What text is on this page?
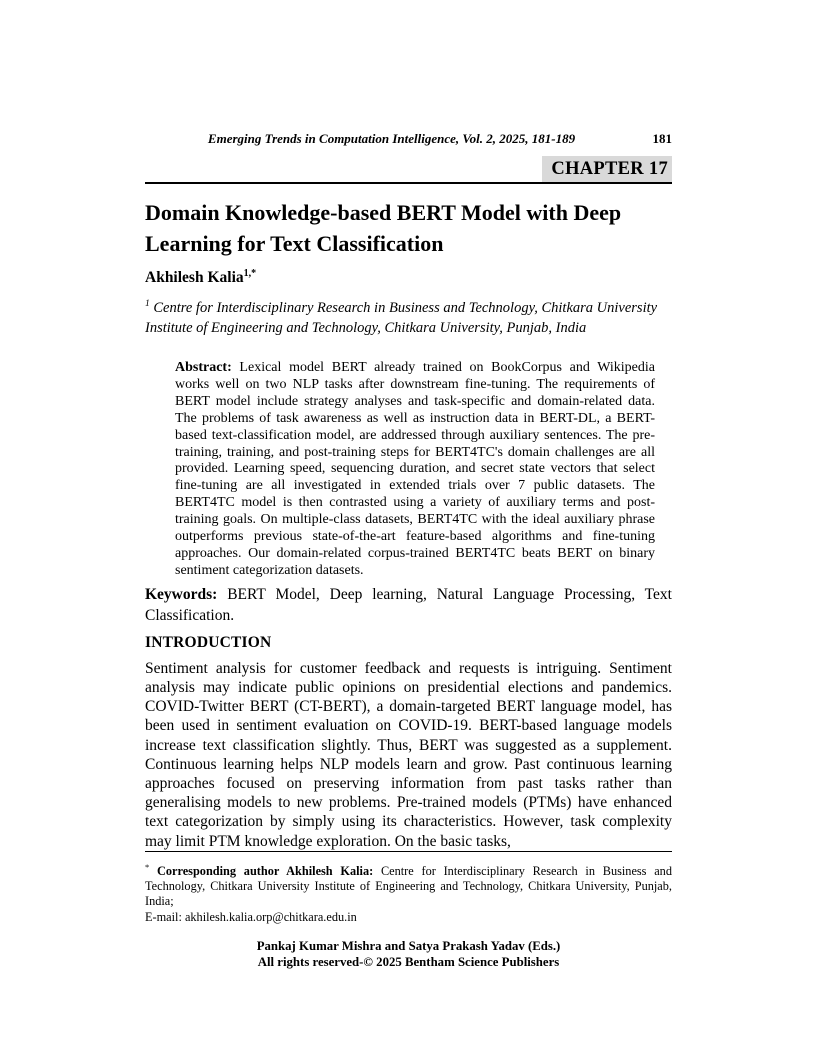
Emerging Trends in Computation Intelligence, Vol. 2, 2025, 181-189	181
CHAPTER 17
Domain Knowledge-based BERT Model with Deep Learning for Text Classification
Akhilesh Kalia$^{1,*}$
$^1$ Centre for Interdisciplinary Research in Business and Technology, Chitkara University Institute of Engineering and Technology, Chitkara University, Punjab, India
Abstract: Lexical model BERT already trained on BookCorpus and Wikipedia works well on two NLP tasks after downstream fine-tuning. The requirements of BERT model include strategy analyses and task-specific and domain-related data. The problems of task awareness as well as instruction data in BERT-DL, a BERT-based text-classification model, are addressed through auxiliary sentences. The pre-training, training, and post-training steps for BERT4TC's domain challenges are all provided. Learning speed, sequencing duration, and secret state vectors that select fine-tuning are all investigated in extended trials over 7 public datasets. The BERT4TC model is then contrasted using a variety of auxiliary terms and post-training goals. On multiple-class datasets, BERT4TC with the ideal auxiliary phrase outperforms previous state-of-the-art feature-based algorithms and fine-tuning approaches. Our domain-related corpus-trained BERT4TC beats BERT on binary sentiment categorization datasets.
Keywords: BERT Model, Deep learning, Natural Language Processing, Text Classification.
INTRODUCTION

Sentiment analysis for customer feedback and requests is intriguing. Sentiment analysis may indicate public opinions on presidential elections and pandemics. COVID-Twitter BERT (CT-BERT), a domain-targeted BERT language model, has been used in sentiment evaluation on COVID-19. BERT-based language models increase text classification slightly. Thus, BERT was suggested as a supplement. Continuous learning helps NLP models learn and grow. Past continuous learning approaches focused on preserving information from past tasks rather than generalising models to new problems. Pre-trained models (PTMs) have enhanced text categorization by simply using its characteristics. However, task complexity may limit PTM knowledge exploration. On the basic tasks,

* Corresponding author Akhilesh Kalia: Centre for Interdisciplinary Research in Business and Technology, Chitkara University Institute of Engineering and Technology, Chitkara University, Punjab, India;
E-mail: akhilesh.kalia.orp@chitkara.edu.in
Pankaj Kumar Mishra and Satya Prakash Yadav (Eds.)
All rights reserved-© 2025 Bentham Science Publishers
